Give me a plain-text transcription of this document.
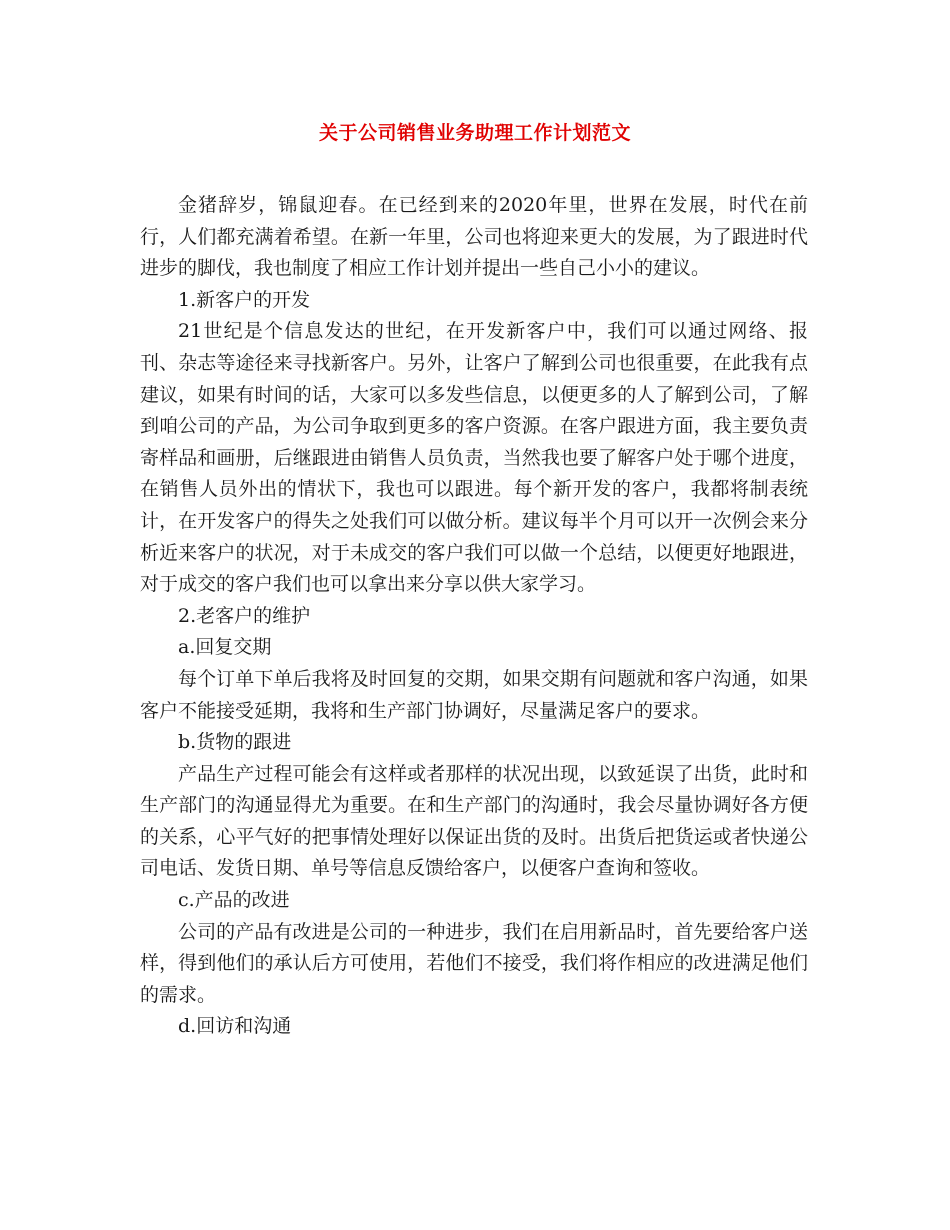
关于公司销售业务助理工作计划范文

金猪辞岁，锦鼠迎春。在已经到来的2020年里，世界在发展，时代在前行，人们都充满着希望。在新一年里，公司也将迎来更大的发展，为了跟进时代进步的脚伐，我也制度了相应工作计划并提出一些自己小小的建议。

1.新客户的开发

21世纪是个信息发达的世纪，在开发新客户中，我们可以通过网络、报刊、杂志等途径来寻找新客户。另外，让客户了解到公司也很重要，在此我有点建议，如果有时间的话，大家可以多发些信息，以便更多的人了解到公司，了解到咱公司的产品，为公司争取到更多的客户资源。在客户跟进方面，我主要负责寄样品和画册，后继跟进由销售人员负责，当然我也要了解客户处于哪个进度，在销售人员外出的情状下，我也可以跟进。每个新开发的客户，我都将制表统计，在开发客户的得失之处我们可以做分析。建议每半个月可以开一次例会来分析近来客户的状况，对于未成交的客户我们可以做一个总结，以便更好地跟进，对于成交的客户我们也可以拿出来分享以供大家学习。

2.老客户的维护

a.回复交期

每个订单下单后我将及时回复的交期，如果交期有问题就和客户沟通，如果客户不能接受延期，我将和生产部门协调好，尽量满足客户的要求。

b.货物的跟进

产品生产过程可能会有这样或者那样的状况出现，以致延误了出货，此时和生产部门的沟通显得尤为重要。在和生产部门的沟通时，我会尽量协调好各方便的关系，心平气好的把事情处理好以保证出货的及时。出货后把货运或者快递公司电话、发货日期、单号等信息反馈给客户，以便客户查询和签收。

c.产品的改进

公司的产品有改进是公司的一种进步，我们在启用新品时，首先要给客户送样，得到他们的承认后方可使用，若他们不接受，我们将作相应的改进满足他们的需求。

d.回访和沟通
